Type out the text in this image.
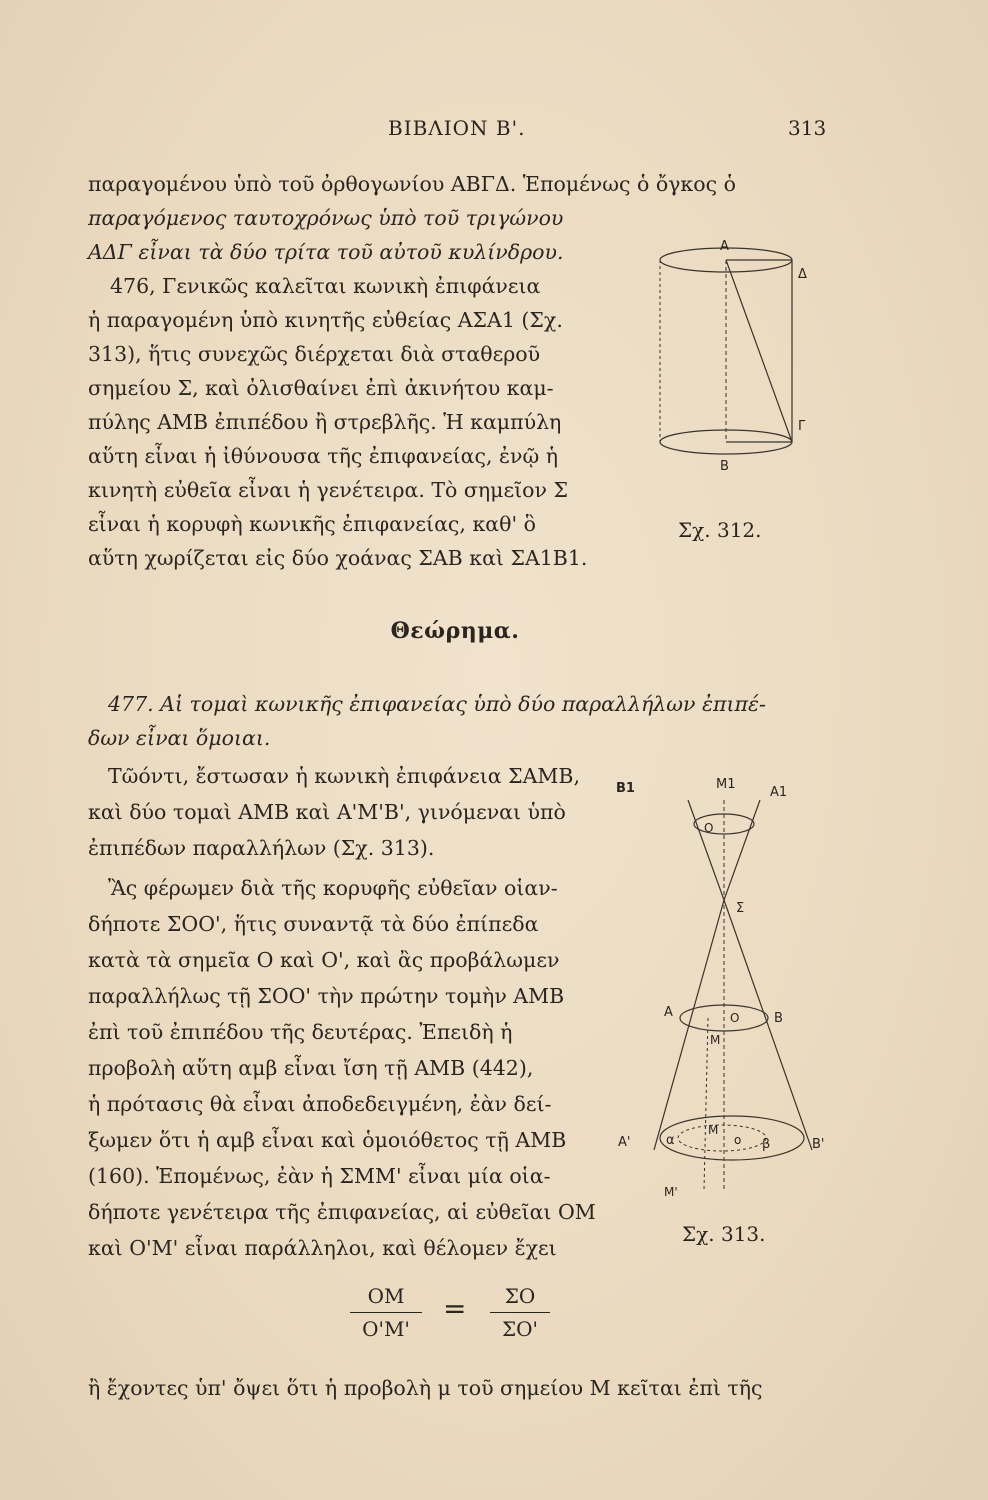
ΒΙΒΛΙΟΝ Β'.	313
παραγομένου ὑπὸ τοῦ ὀρθογωνίου ΑΒΓΔ. Ἑπομένως ὁ ὄγκος ὁ
παραγόμενος ταυτοχρόνως ὑπὸ τοῦ τριγώνου
ΑΔΓ εἶναι τὰ δύο τρίτα τοῦ αὐτοῦ κυλίνδρου.
476, Γενικῶς καλεῖται κωνικὴ ἐπιφάνεια
ἡ παραγομένη ὑπὸ κινητῆς εὐθείας ΑΣΑ1 (Σχ.
313), ἥτις συνεχῶς διέρχεται διὰ σταθεροῦ
σημείου Σ, καὶ ὀλισθαίνει ἐπὶ ἀκινήτου καμ-
πύλης ΑΜΒ ἐπιπέδου ἢ στρεβλῆς. Ἡ καμπύλη
αὕτη εἶναι ἡ ἰθύνουσα τῆς ἐπιφανείας, ἐνῷ ἡ
κινητὴ εὐθεῖα εἶναι ἡ γενέτειρα. Τὸ σημεῖον Σ
εἶναι ἡ κορυφὴ κωνικῆς ἐπιφανείας, καθ' ὃ
αὕτη χωρίζεται εἰς δύο χοάνας ΣΑΒ καὶ ΣΑ1Β1.
Α
Δ
Γ
Β
Σχ. 312.
Θεώρημα.
477. Αἱ τομαὶ κωνικῆς ἐπιφανείας ὑπὸ δύο παραλλήλων ἐπιπέ-
δων εἶναι ὅμοιαι.
Τῶόντι, ἔστωσαν ἡ κωνικὴ ἐπιφάνεια ΣΑΜΒ,
καὶ δύο τομαὶ ΑΜΒ καὶ Α'Μ'Β', γινόμεναι ὑπὸ
ἐπιπέδων παραλλήλων (Σχ. 313).
Ἂς φέρωμεν διὰ τῆς κορυφῆς εὐθεῖαν οἱαν-
δήποτε ΣΟΟ', ἥτις συναντᾷ τὰ δύο ἐπίπεδα
κατὰ τὰ σημεῖα Ο καὶ Ο', καὶ ἂς προβάλωμεν
παραλλήλως τῇ ΣΟΟ' τὴν πρώτην τομὴν ΑΜΒ
ἐπὶ τοῦ ἐπιπέδου τῆς δευτέρας. Ἐπειδὴ ἡ
προβολὴ αὕτη αμβ εἶναι ἴση τῇ ΑΜΒ (442),
ἡ πρότασις θὰ εἶναι ἀποδεδειγμένη, ἐὰν δεί-
ξωμεν ὅτι ἡ αμβ εἶναι καὶ ὁμοιόθετος τῇ ΑΜΒ
(160). Ἑπομένως, ἐὰν ἡ ΣΜΜ' εἶναι μία οἱα-
δήποτε γενέτειρα τῆς ἐπιφανείας, αἱ εὐθεῖαι ΟΜ
καὶ Ο'Μ' εἶναι παράλληλοι, καὶ θέλομεν ἔχει
Β1	Μ1
Α1
Ο
Σ
Α	Ο	Β
Μ
Α'	α
Μ
ο β	Β'
Μ'
Σχ. 313.
ΟΜ
Ο'Μ'
=	ΣΟ
ΣΟ'
ἢ ἔχοντες ὑπ' ὄψει ὅτι ἡ προβολὴ μ τοῦ σημείου Μ κεῖται ἐπὶ τῆς
